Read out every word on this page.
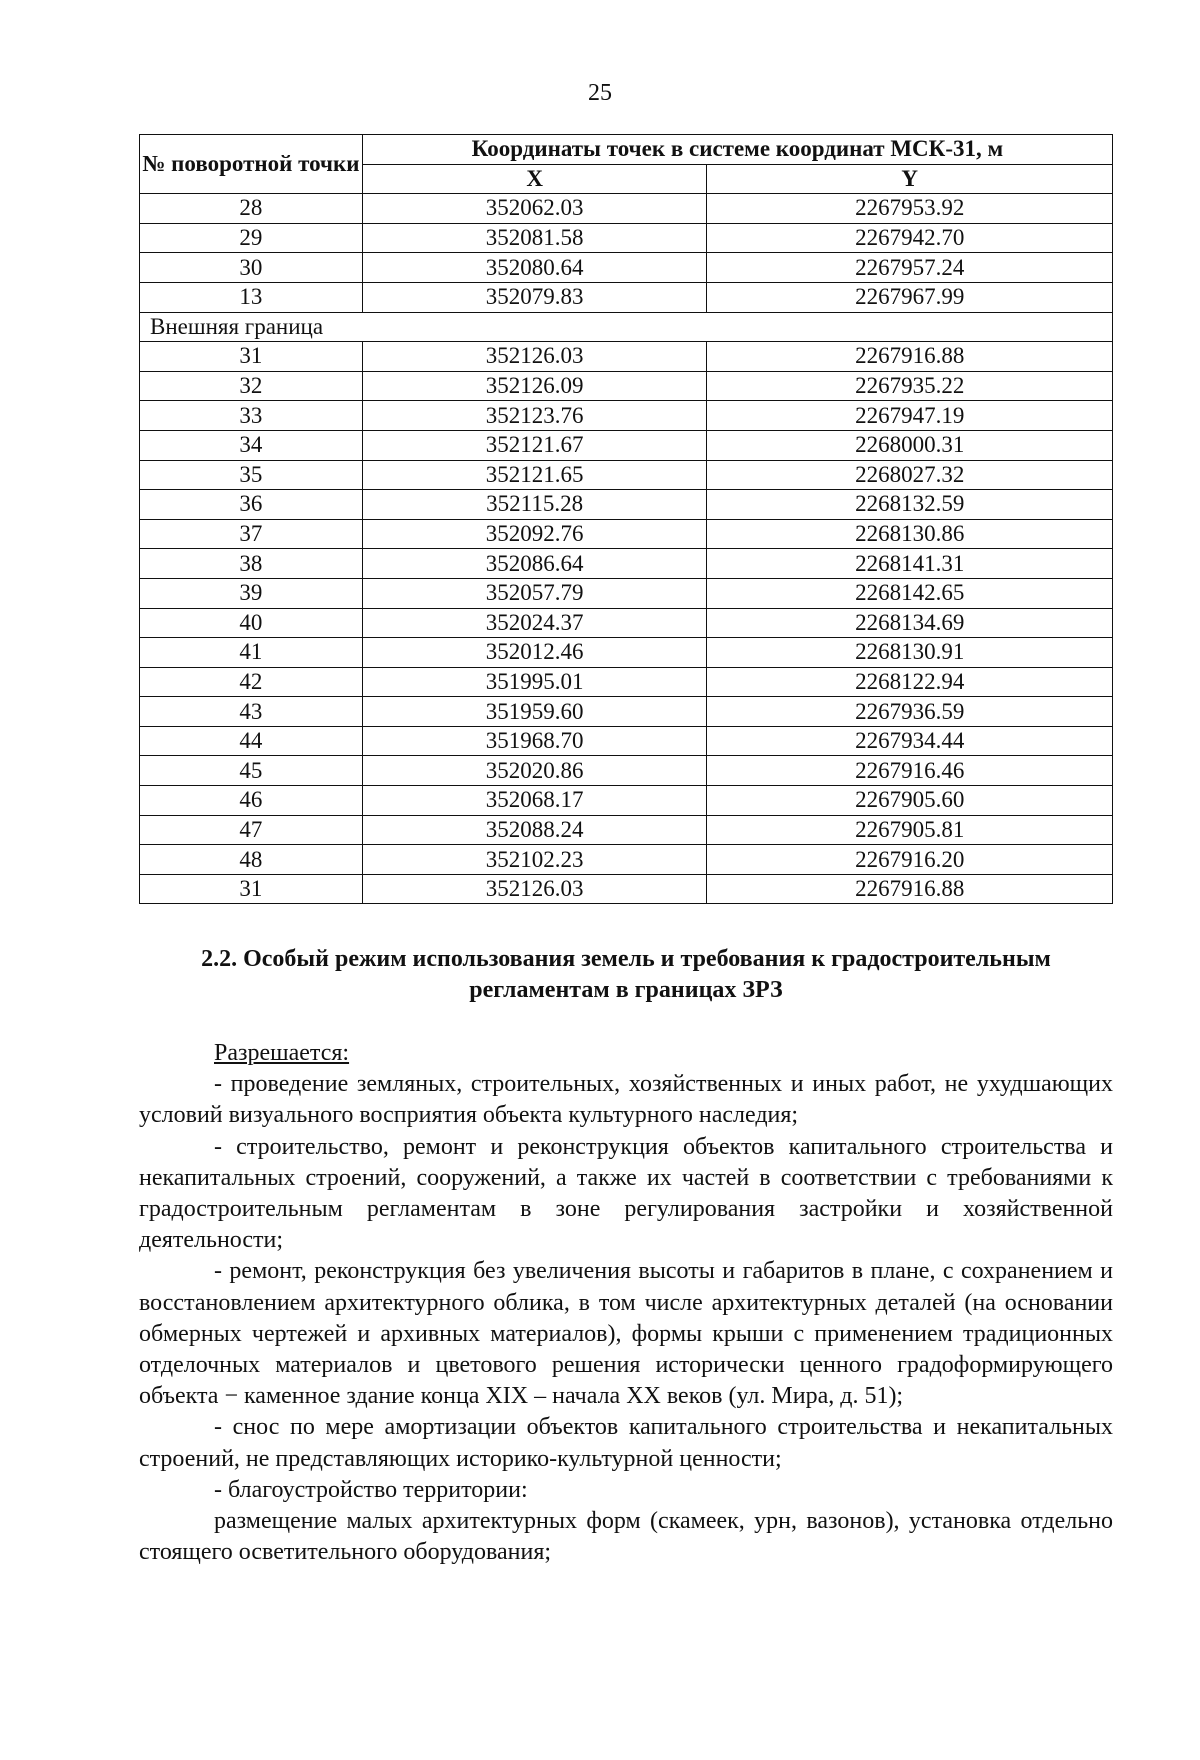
25
№ поворотной точки	Координаты точек в системе координат МСК-31, м	
	X	Y
28	352062.03	2267953.92
29	352081.58	2267942.70
30	352080.64	2267957.24
13	352079.83	2267967.99
Внешняя граница		
31	352126.03	2267916.88
32	352126.09	2267935.22
33	352123.76	2267947.19
34	352121.67	2268000.31
35	352121.65	2268027.32
36	352115.28	2268132.59
37	352092.76	2268130.86
38	352086.64	2268141.31
39	352057.79	2268142.65
40	352024.37	2268134.69
41	352012.46	2268130.91
42	351995.01	2268122.94
43	351959.60	2267936.59
44	351968.70	2267934.44
45	352020.86	2267916.46
46	352068.17	2267905.60
47	352088.24	2267905.81
48	352102.23	2267916.20
31	352126.03	2267916.88
2.2. Особый режим использования земель и требования к градостроительным регламентам в границах ЗРЗ

Разрешается:

- проведение земляных, строительных, хозяйственных и иных работ, не ухудшающих условий визуального восприятия объекта культурного наследия;

- строительство, ремонт и реконструкция объектов капитального строительства и некапитальных строений, сооружений, а также их частей в соответствии с требованиями к градостроительным регламентам в зоне регулирования застройки и хозяйственной деятельности;

- ремонт, реконструкция без увеличения высоты и габаритов в плане, с сохранением и восстановлением архитектурного облика, в том числе архитектурных деталей (на основании обмерных чертежей и архивных материалов), формы крыши с применением традиционных отделочных материалов и цветового решения исторически ценного градоформирующего объекта − каменное здание конца XIX – начала XX веков (ул. Мира, д. 51);

- снос по мере амортизации объектов капитального строительства и некапитальных строений, не представляющих историко-культурной ценности;

- благоустройство территории:

размещение малых архитектурных форм (скамеек, урн, вазонов), установка отдельно стоящего осветительного оборудования;
